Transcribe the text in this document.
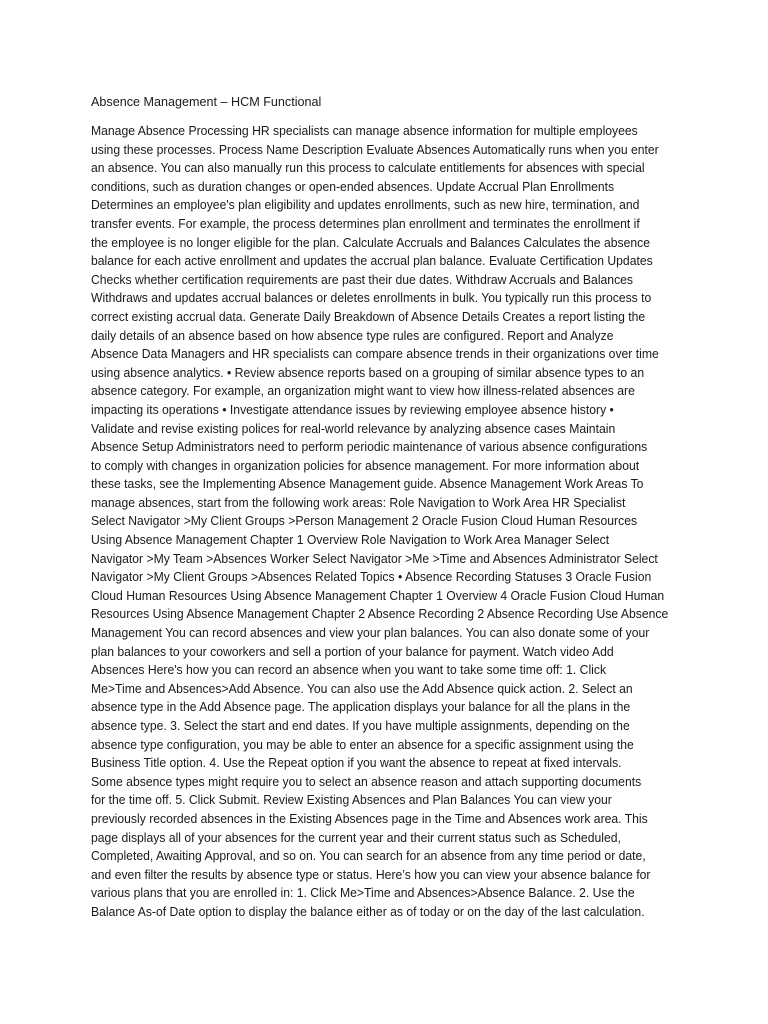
Absence Management – HCM Functional
Manage Absence Processing HR specialists can manage absence information for multiple employees
using these processes. Process Name Description Evaluate Absences Automatically runs when you enter
an absence. You can also manually run this process to calculate entitlements for absences with special
conditions, such as duration changes or open-ended absences. Update Accrual Plan Enrollments
Determines an employee's plan eligibility and updates enrollments, such as new hire, termination, and
transfer events. For example, the process determines plan enrollment and terminates the enrollment if
the employee is no longer eligible for the plan. Calculate Accruals and Balances Calculates the absence
balance for each active enrollment and updates the accrual plan balance. Evaluate Certification Updates
Checks whether certification requirements are past their due dates. Withdraw Accruals and Balances
Withdraws and updates accrual balances or deletes enrollments in bulk. You typically run this process to
correct existing accrual data. Generate Daily Breakdown of Absence Details Creates a report listing the
daily details of an absence based on how absence type rules are configured. Report and Analyze
Absence Data Managers and HR specialists can compare absence trends in their organizations over time
using absence analytics. • Review absence reports based on a grouping of similar absence types to an
absence category. For example, an organization might want to view how illness-related absences are
impacting its operations • Investigate attendance issues by reviewing employee absence history •
Validate and revise existing polices for real-world relevance by analyzing absence cases Maintain
Absence Setup Administrators need to perform periodic maintenance of various absence configurations
to comply with changes in organization policies for absence management. For more information about
these tasks, see the Implementing Absence Management guide. Absence Management Work Areas To
manage absences, start from the following work areas: Role Navigation to Work Area HR Specialist
Select Navigator >My Client Groups >Person Management 2 Oracle Fusion Cloud Human Resources
Using Absence Management Chapter 1 Overview Role Navigation to Work Area Manager Select
Navigator >My Team >Absences Worker Select Navigator >Me >Time and Absences Administrator Select
Navigator >My Client Groups >Absences Related Topics • Absence Recording Statuses 3 Oracle Fusion
Cloud Human Resources Using Absence Management Chapter 1 Overview 4 Oracle Fusion Cloud Human
Resources Using Absence Management Chapter 2 Absence Recording 2 Absence Recording Use Absence
Management You can record absences and view your plan balances. You can also donate some of your
plan balances to your coworkers and sell a portion of your balance for payment. Watch video Add
Absences Here's how you can record an absence when you want to take some time off: 1. Click
Me>Time and Absences>Add Absence. You can also use the Add Absence quick action. 2. Select an
absence type in the Add Absence page. The application displays your balance for all the plans in the
absence type. 3. Select the start and end dates. If you have multiple assignments, depending on the
absence type configuration, you may be able to enter an absence for a specific assignment using the
Business Title option. 4. Use the Repeat option if you want the absence to repeat at fixed intervals.
Some absence types might require you to select an absence reason and attach supporting documents
for the time off. 5. Click Submit. Review Existing Absences and Plan Balances You can view your
previously recorded absences in the Existing Absences page in the Time and Absences work area. This
page displays all of your absences for the current year and their current status such as Scheduled,
Completed, Awaiting Approval, and so on. You can search for an absence from any time period or date,
and even filter the results by absence type or status. Here’s how you can view your absence balance for
various plans that you are enrolled in: 1. Click Me>Time and Absences>Absence Balance. 2. Use the
Balance As-of Date option to display the balance either as of today or on the day of the last calculation.
